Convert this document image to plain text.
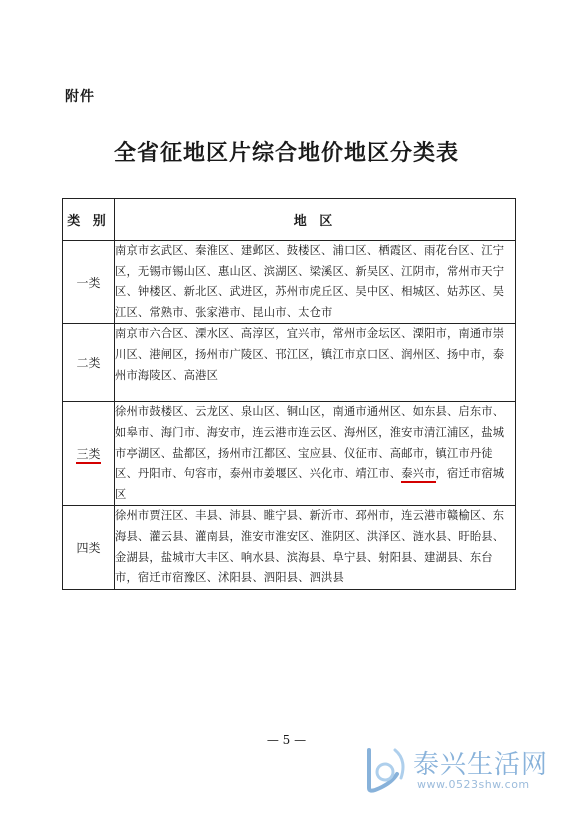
附件
全省征地区片综合地价地区分类表
类 别	地 区
一类	南京市玄武区、秦淮区、建邺区、鼓楼区、浦口区、栖霞区、雨花台区、江宁区，无锡市锡山区、惠山区、滨湖区、梁溪区、新吴区、江阴市，常州市天宁区、钟楼区、新北区、武进区，苏州市虎丘区、吴中区、相城区、姑苏区、吴江区、常熟市、张家港市、昆山市、太仓市
二类	南京市六合区、溧水区、高淳区，宜兴市，常州市金坛区、溧阳市，南通市崇川区、港闸区，扬州市广陵区、邗江区，镇江市京口区、润州区、扬中市，泰州市海陵区、高港区
三类	徐州市鼓楼区、云龙区、泉山区、铜山区，南通市通州区、如东县、启东市、如皋市、海门市、海安市，连云港市连云区、海州区，淮安市清江浦区，盐城市亭湖区、盐都区，扬州市江都区、宝应县、仪征市、高邮市，镇江市丹徒区、丹阳市、句容市，泰州市姜堰区、兴化市、靖江市、泰兴市，宿迁市宿城区
四类	徐州市贾汪区、丰县、沛县、睢宁县、新沂市、邳州市，连云港市赣榆区、东海县、灌云县、灌南县，淮安市淮安区、淮阴区、洪泽区、涟水县、盱眙县、金湖县，盐城市大丰区、响水县、滨海县、阜宁县、射阳县、建湖县、东台市，宿迁市宿豫区、沭阳县、泗阳县、泗洪县
— 5 —
泰兴生活网
www.0523shw.com
